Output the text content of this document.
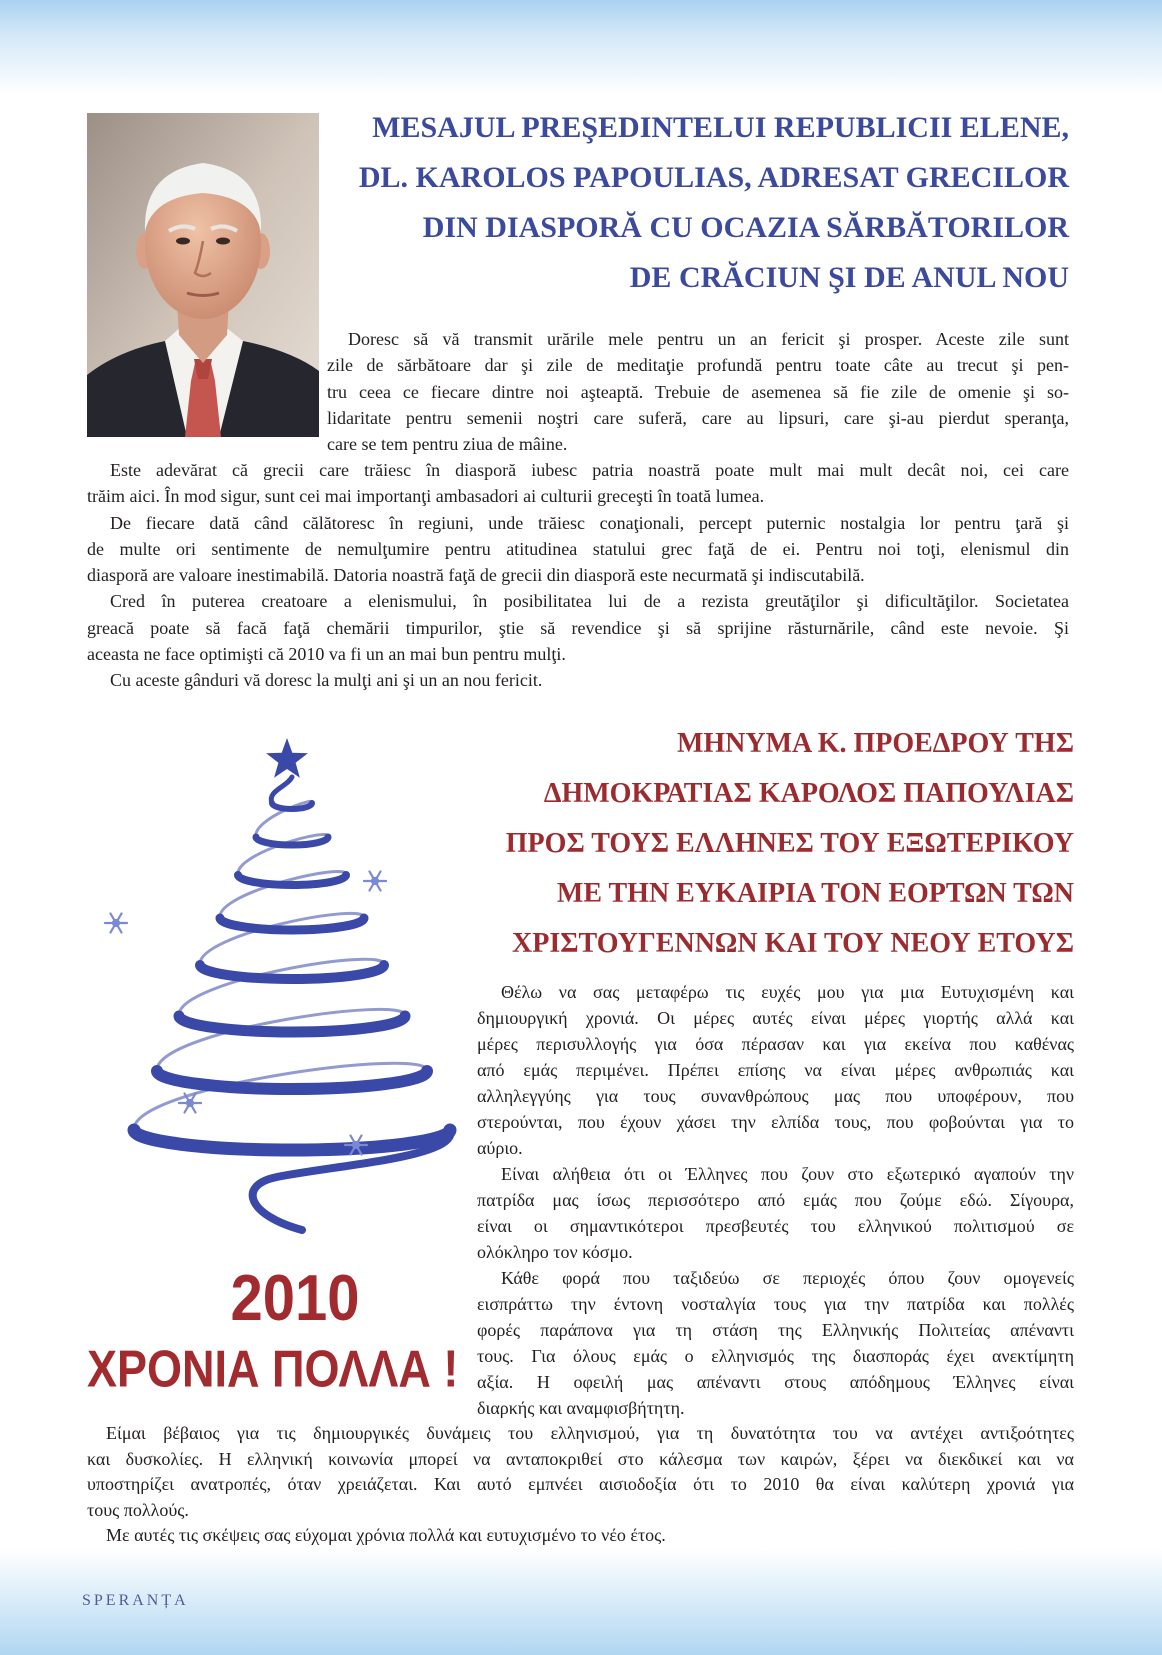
MESAJUL PREŞEDINTELUI REPUBLICII ELENE,
DL. KAROLOS PAPOULIAS, ADRESAT GRECILOR
DIN DIASPORĂ CU OCAZIA SĂRBĂTORILOR
DE CRĂCIUN ŞI DE ANUL NOU
Doresc să vă transmit urările mele pentru un an fericit şi prosper. Aceste zile sunt
zile de sărbătoare dar şi zile de meditaţie profundă pentru toate câte au trecut şi pen-
tru ceea ce fiecare dintre noi aşteaptă. Trebuie de asemenea să fie zile de omenie şi so-
lidaritate pentru semenii noştri care suferă, care au lipsuri, care şi-au pierdut speranţa,
care se tem pentru ziua de mâine.
Este adevărat că grecii care trăiesc în diasporă iubesc patria noastră poate mult mai mult decât noi, cei care
trăim aici. În mod sigur, sunt cei mai importanţi ambasadori ai culturii greceşti în toată lumea.
De fiecare dată când călătoresc în regiuni, unde trăiesc conaţionali, percept puternic nostalgia lor pentru ţară şi
de multe ori sentimente de nemulţumire pentru atitudinea statului grec faţă de ei. Pentru noi toţi, elenismul din
diasporă are valoare inestimabilă. Datoria noastră faţă de grecii din diasporă este necurmată şi indiscutabilă.
Cred în puterea creatoare a elenismului, în posibilitatea lui de a rezista greutăţilor şi dificultăţilor. Societatea
greacă poate să facă faţă chemării timpurilor, ştie să revendice şi să sprijine răsturnările, când este nevoie. Şi
aceasta ne face optimişti că 2010 va fi un an mai bun pentru mulţi.
Cu aceste gânduri vă doresc la mulţi ani şi un an nou fericit.
ΜΗΝΥΜΑ Κ. ΠΡΟΕΔΡΟΥ ΤΗΣ
ΔΗΜΟΚΡΑΤΙΑΣ ΚΑΡΟΛΟΣ ΠΑΠΟΥΛΙΑΣ
ΠΡΟΣ ΤΟΥΣ ΕΛΛΗΝΕΣ ΤΟΥ ΕΞΩΤΕΡΙΚΟΥ
ΜΕ ΤΗΝ ΕΥΚΑΙΡΙΑ ΤΟΝ ΕΟΡΤΩΝ ΤΩΝ
ΧΡΙΣΤΟΥΓΕΝΝΩΝ ΚΑΙ ΤΟΥ ΝΕΟΥ ΕΤΟΥΣ
Θέλω να σας μεταφέρω τις ευχές μου για μια Ευτυχισμένη και
δημιουργική χρονιά. Οι μέρες αυτές είναι μέρες γιορτής αλλά και
μέρες περισυλλογής για όσα πέρασαν και για εκείνα που καθένας
από εμάς περιμένει. Πρέπει επίσης να είναι μέρες ανθρωπιάς και
αλληλεγγύης για τους συνανθρώπους μας που υποφέρουν, που
στερούνται, που έχουν χάσει την ελπίδα τους, που φοβούνται για το
αύριο.
Είναι αλήθεια ότι οι Έλληνες που ζουν στο εξωτερικό αγαπούν την
πατρίδα μας ίσως περισσότερο από εμάς που ζούμε εδώ. Σίγουρα,
είναι οι σημαντικότεροι πρεσβευτές του ελληνικού πολιτισμού σε
ολόκληρο τον κόσμο.
Κάθε φορά που ταξιδεύω σε περιοχές όπου ζουν ομογενείς
εισπράττω την έντονη νοσταλγία τους για την πατρίδα και πολλές
φορές παράπονα για τη στάση της Ελληνικής Πολιτείας απέναντι
τους. Για όλους εμάς ο ελληνισμός της διασποράς έχει ανεκτίμητη
αξία. Η οφειλή μας απέναντι στους απόδημους Έλληνες είναι
διαρκής και αναμφισβήτητη.
Είμαι βέβαιος για τις δημιουργικές δυνάμεις του ελληνισμού, για τη δυνατότητα του να αντέχει αντιξοότητες
και δυσκολίες. Η ελληνική κοινωνία μπορεί να ανταποκριθεί στο κάλεσμα των καιρών, ξέρει να διεκδικεί και να
υποστηρίζει ανατροπές, όταν χρειάζεται. Και αυτό εμπνέει αισιοδοξία ότι το 2010 θα είναι καλύτερη χρονιά για
τους πολλούς.
Με αυτές τις σκέψεις σας εύχομαι χρόνια πολλά και ευτυχισμένο το νέο έτος.
2010
ΧΡΟΝΙΑ ΠΟΛΛΑ !
SPERANȚA
